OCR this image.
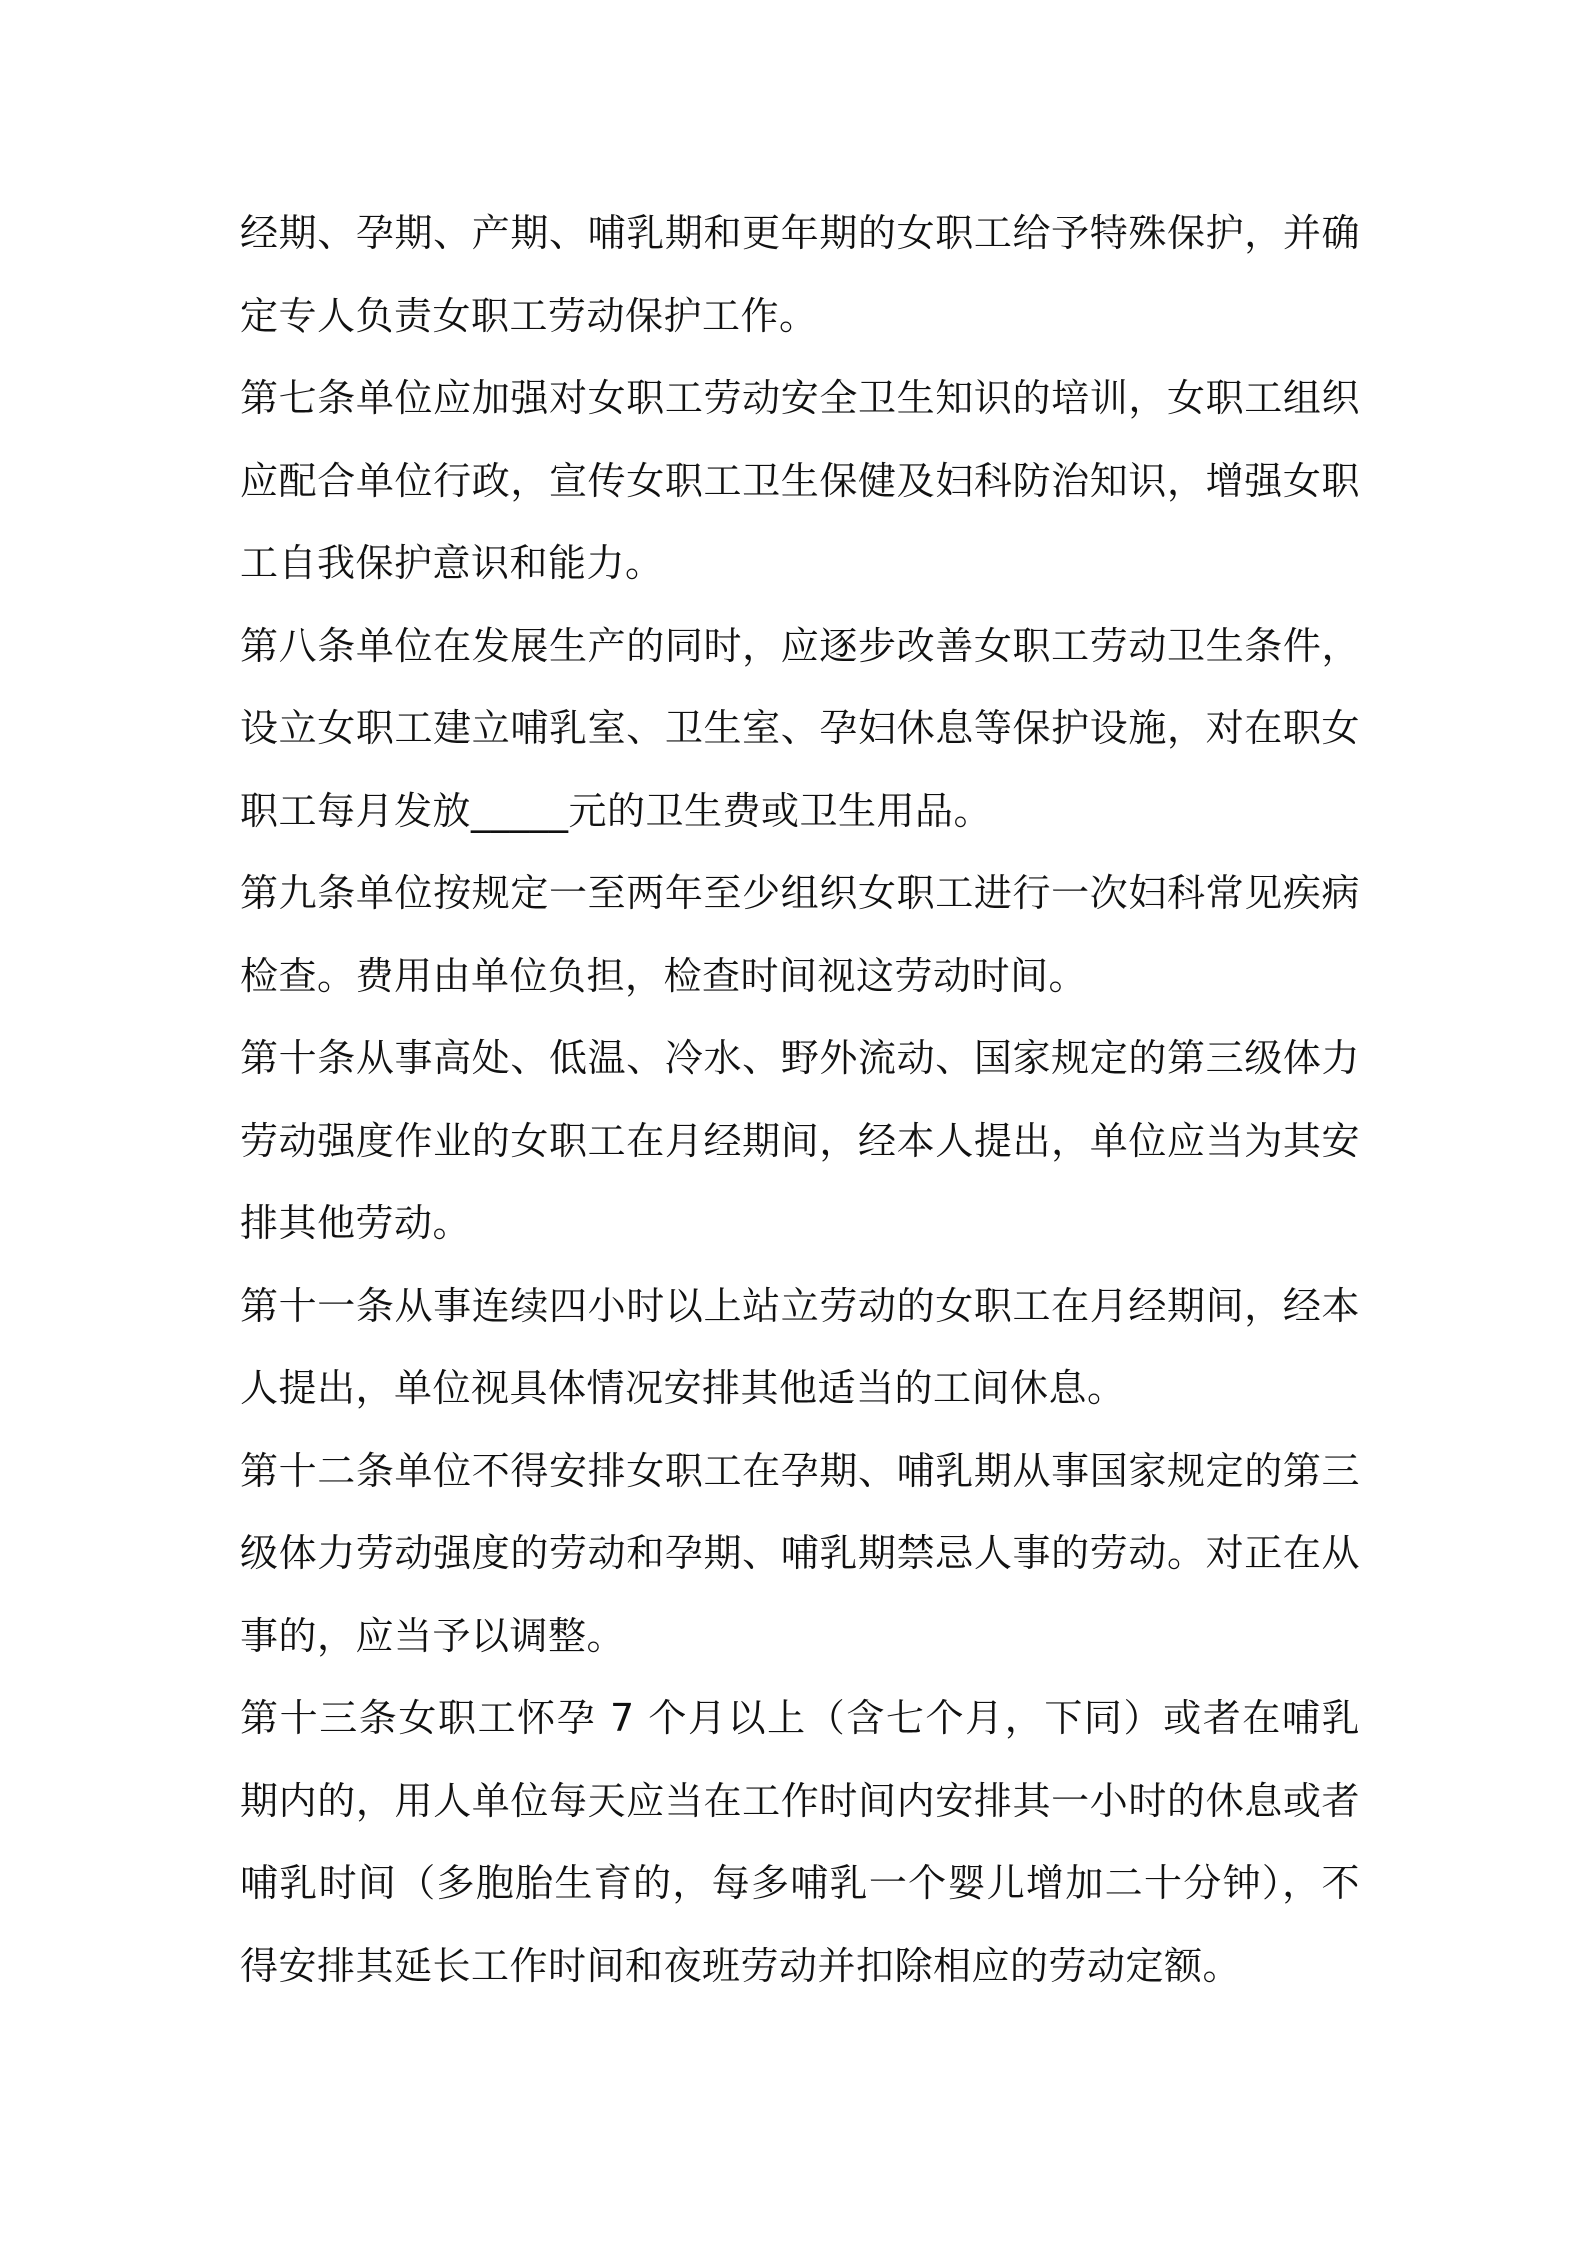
经期、孕期、产期、哺乳期和更年期的女职工给予特殊保护，并确定专人负责女职工劳动保护工作。

第七条单位应加强对女职工劳动安全卫生知识的培训，女职工组织应配合单位行政，宣传女职工卫生保健及妇科防治知识，增强女职工自我保护意识和能力。

第八条单位在发展生产的同时，应逐步改善女职工劳动卫生条件，设立女职工建立哺乳室、卫生室、孕妇休息等保护设施，对在职女职工每月发放_____元的卫生费或卫生用品。

第九条单位按规定一至两年至少组织女职工进行一次妇科常见疾病检查。费用由单位负担，检查时间视这劳动时间。

第十条从事高处、低温、冷水、野外流动、国家规定的第三级体力劳动强度作业的女职工在月经期间，经本人提出，单位应当为其安排其他劳动。

第十一条从事连续四小时以上站立劳动的女职工在月经期间，经本人提出，单位视具体情况安排其他适当的工间休息。

第十二条单位不得安排女职工在孕期、哺乳期从事国家规定的第三级体力劳动强度的劳动和孕期、哺乳期禁忌人事的劳动。对正在从事的，应当予以调整。

第十三条女职工怀孕 7 个月以上（含七个月，下同）或者在哺乳期内的，用人单位每天应当在工作时间内安排其一小时的休息或者哺乳时间（多胞胎生育的，每多哺乳一个婴儿增加二十分钟），不得安排其延长工作时间和夜班劳动并扣除相应的劳动定额。
